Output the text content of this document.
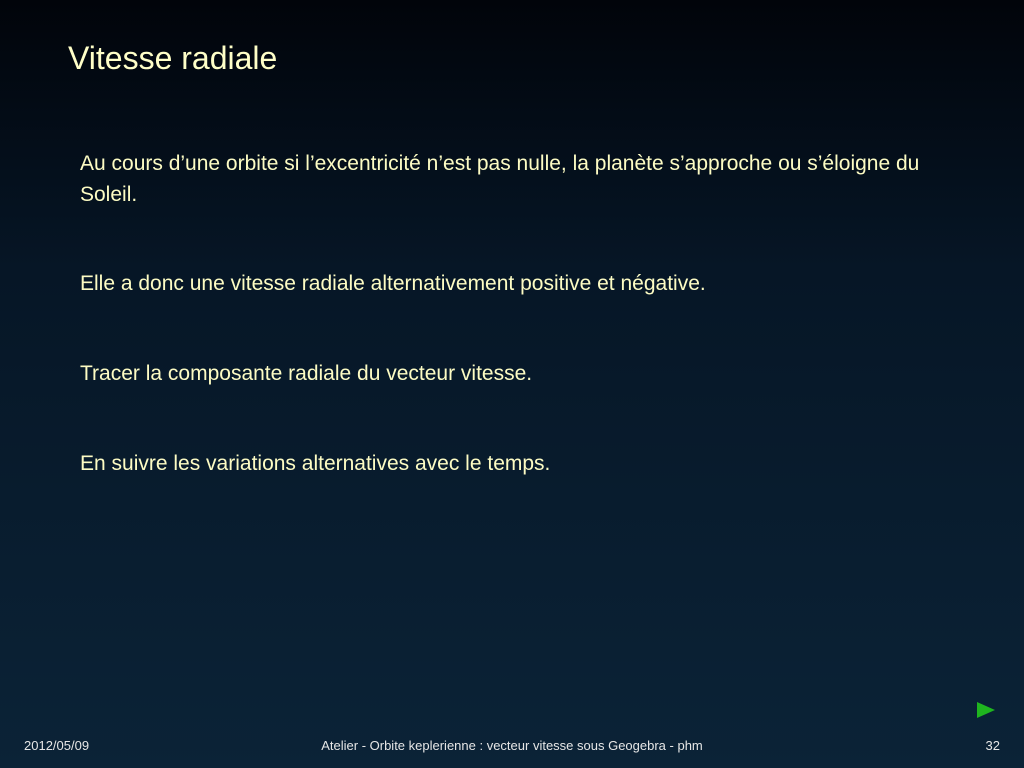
Vitesse radiale

Au cours d’une orbite si l’excentricité n’est pas nulle, la planète s’approche ou s’éloigne du Soleil.

Elle a donc une vitesse radiale alternativement positive et négative.

Tracer la composante radiale du vecteur vitesse.

En suivre les variations alternatives avec le temps.

2012/05/09	Atelier - Orbite keplerienne : vecteur vitesse sous Geogebra - phm	32
